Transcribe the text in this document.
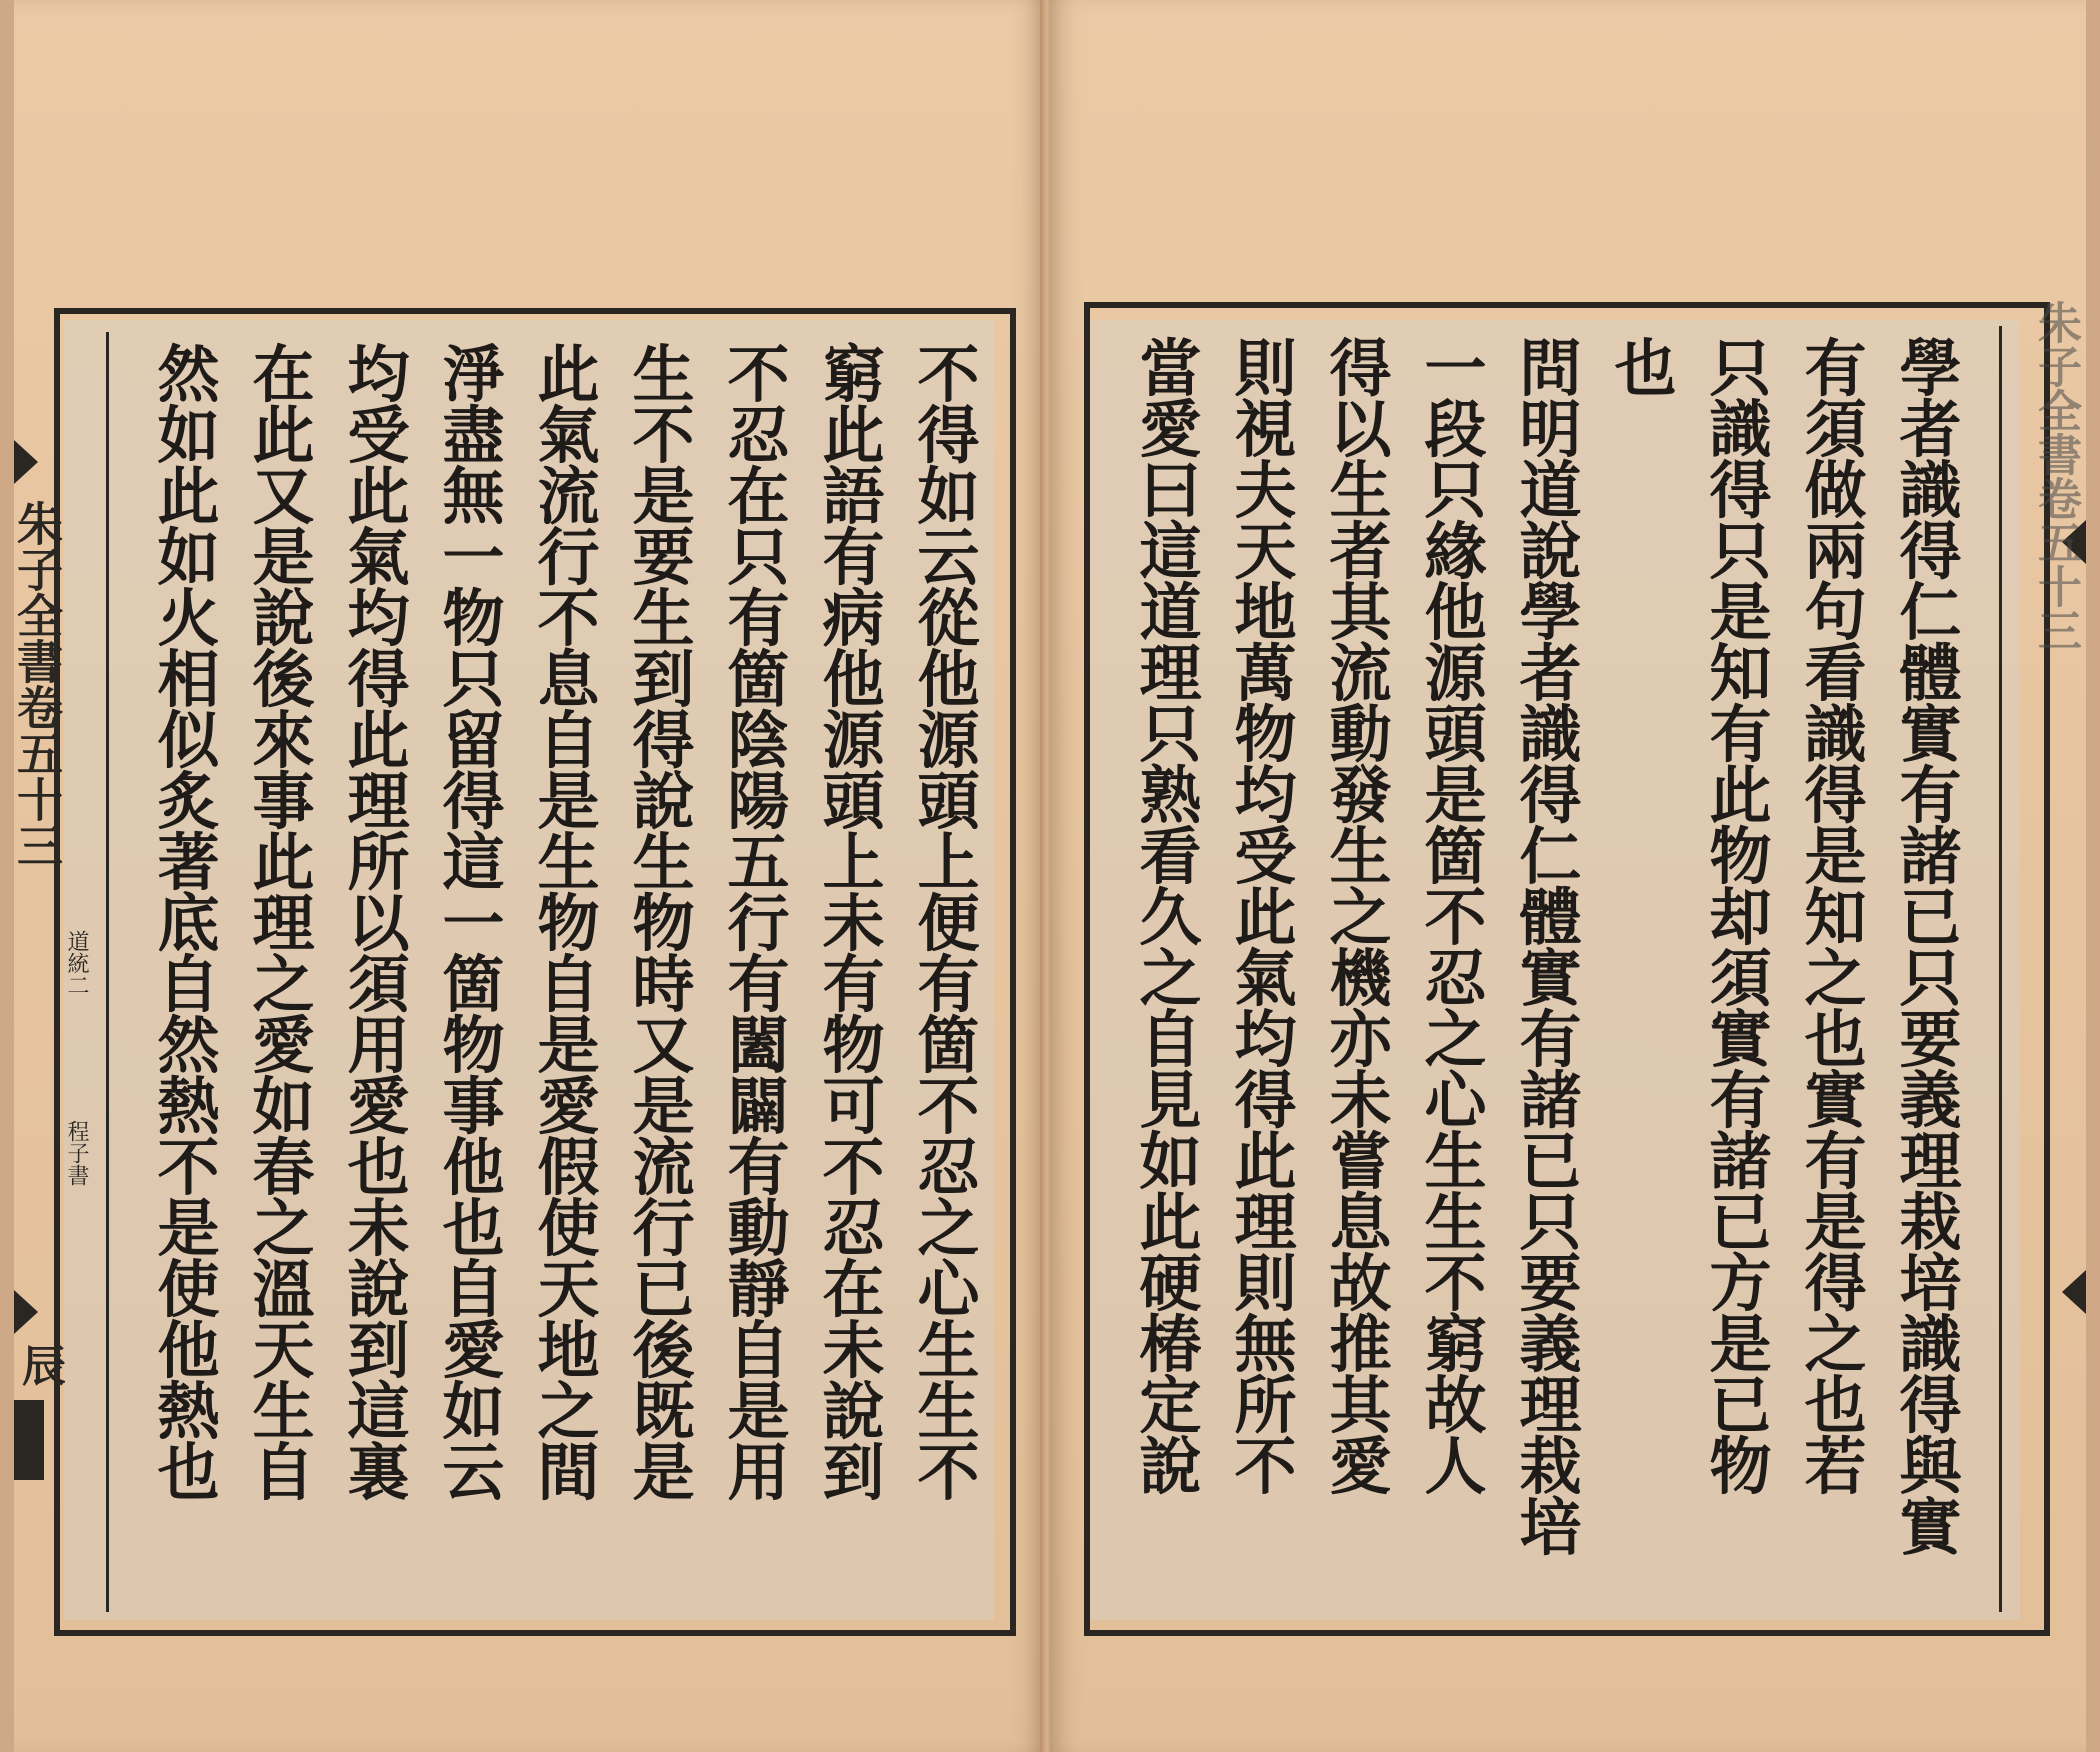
朱子全書卷五十三
道統二
程子書
辰
不
得
如
云
從
他
源
頭
上
便
有
箇
不
忍
之
心
生
生
不
窮
此
語
有
病
他
源
頭
上
未
有
物
可
不
忍
在
未
說
到
不
忍
在
只
有
箇
陰
陽
五
行
有
闔
闢
有
動
靜
自
是
用
生
不
是
要
生
到
得
說
生
物
時
又
是
流
行
已
後
既
是
此
氣
流
行
不
息
自
是
生
物
自
是
愛
假
使
天
地
之
間
淨
盡
無
一
物
只
留
得
這
一
箇
物
事
他
也
自
愛
如
云
均
受
此
氣
均
得
此
理
所
以
須
用
愛
也
未
說
到
這
裏
在
此
又
是
說
後
來
事
此
理
之
愛
如
春
之
溫
天
生
自
然
如
此
如
火
相
似
炙
著
底
自
然
熱
不
是
使
他
熱
也
學
者
識
得
仁
體
實
有
諸
已
只
要
義
理
栽
培
識
得
與
實
有
須
做
兩
句
看
識
得
是
知
之
也
實
有
是
得
之
也
若
只
識
得
只
是
知
有
此
物
却
須
實
有
諸
已
方
是
已
物
也
問
明
道
說
學
者
識
得
仁
體
實
有
諸
已
只
要
義
理
栽
培
一
段
只
緣
他
源
頭
是
箇
不
忍
之
心
生
生
不
窮
故
人
得
以
生
者
其
流
動
發
生
之
機
亦
未
嘗
息
故
推
其
愛
則
視
夫
天
地
萬
物
均
受
此
氣
均
得
此
理
則
無
所
不
當
愛
曰
這
道
理
只
熟
看
久
之
自
見
如
此
硬
椿
定
說
朱子全書卷五十三
